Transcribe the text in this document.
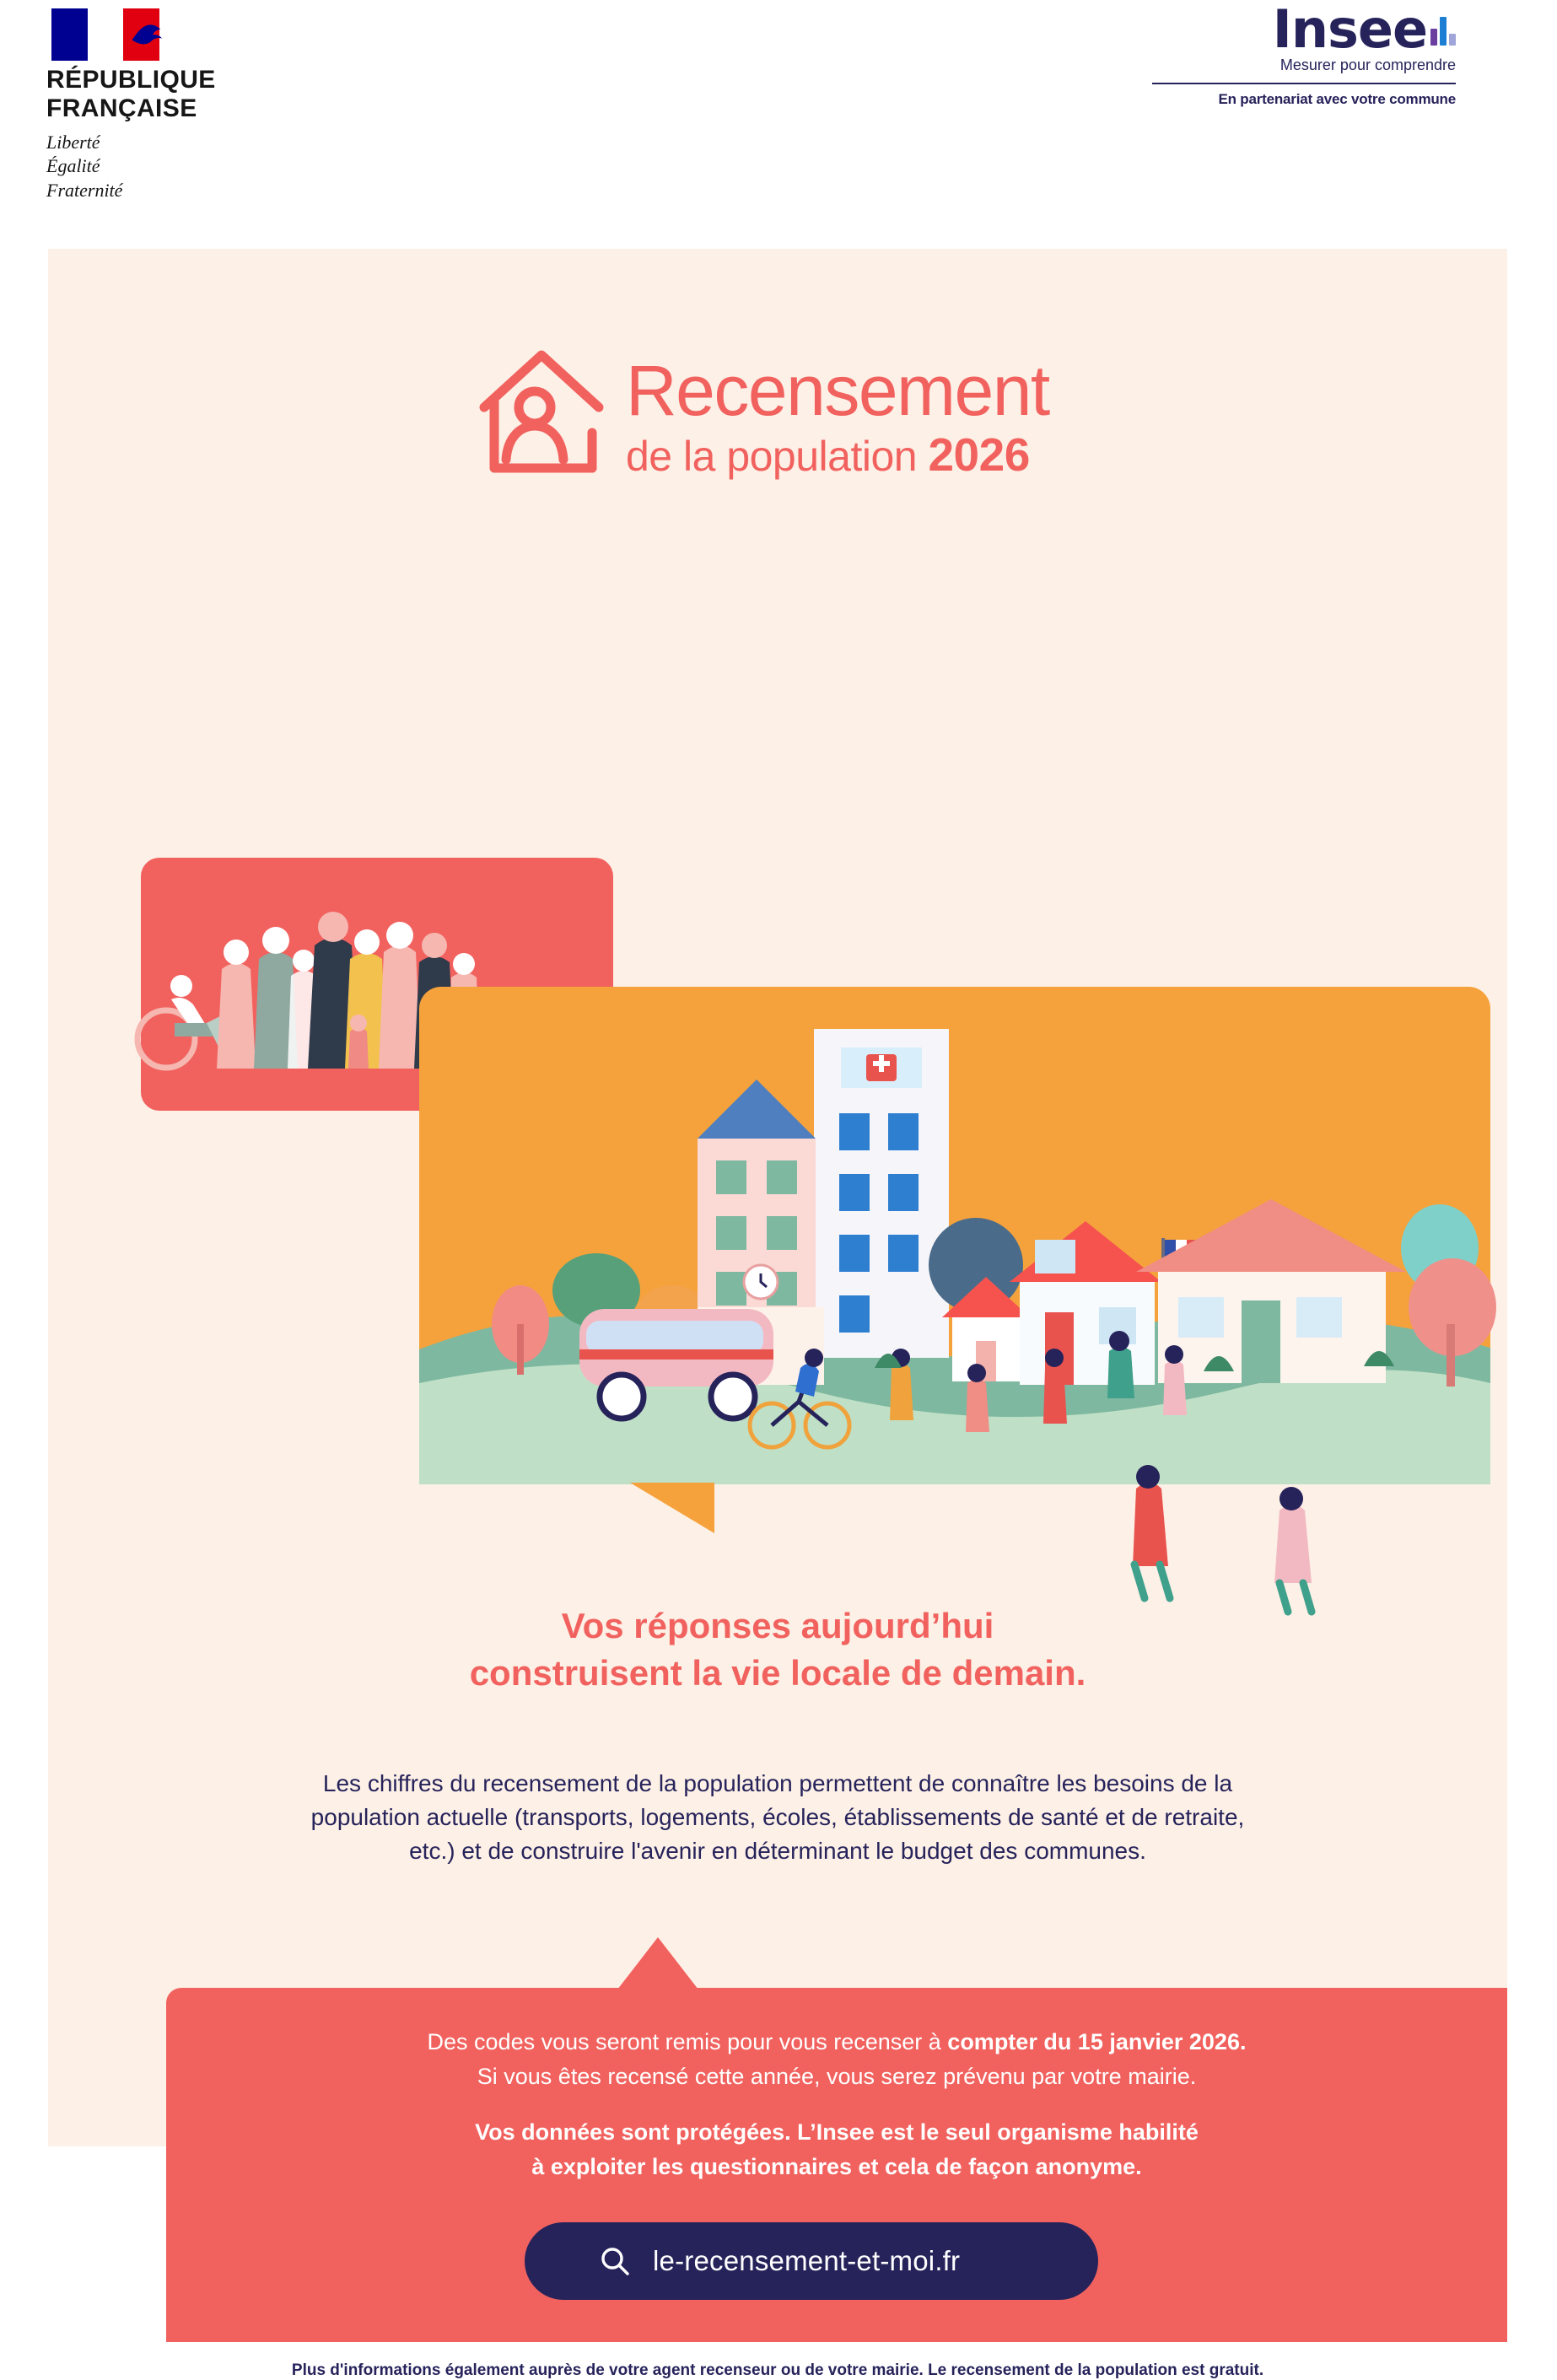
RÉPUBLIQUE
FRANÇAISE
Liberté
Égalité
Fraternité
Insee
Mesurer pour comprendre
En partenariat avec votre commune
Recensement
de la population 2026
Vos réponses aujourd’hui
construisent la vie locale de demain.
Les chiffres du recensement de la population permettent de connaître les besoins de la
population actuelle (transports, logements, écoles, établissements de santé et de retraite,
etc.) et de construire l'avenir en déterminant le budget des communes.
Des codes vous seront remis pour vous recenser à compter du 15 janvier 2026.
Si vous êtes recensé cette année, vous serez prévenu par votre mairie.
Vos données sont protégées. L’Insee est le seul organisme habilité
à exploiter les questionnaires et cela de façon anonyme.
le-recensement-et-moi.fr
Plus d'informations également auprès de votre agent recenseur ou de votre mairie. Le recensement de la population est gratuit.
